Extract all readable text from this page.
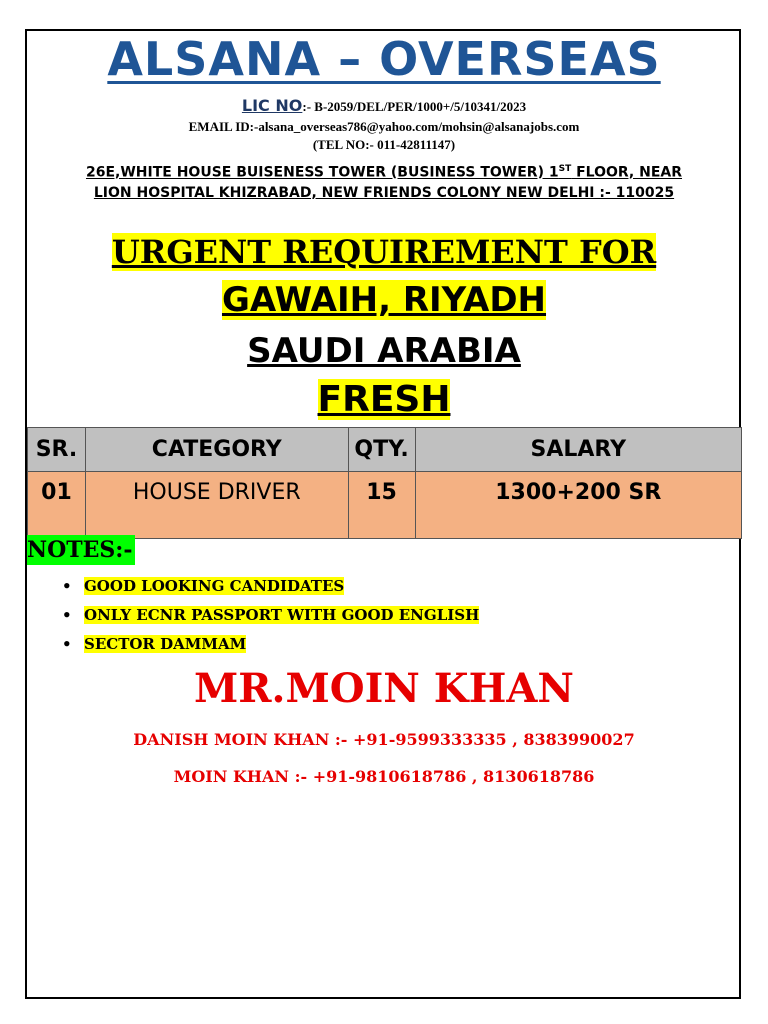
ALSANA – OVERSEAS
LIC NO:- B-2059/DEL/PER/1000+/5/10341/2023
EMAIL ID:-alsana_overseas786@yahoo.com/mohsin@alsanajobs.com
(TEL NO:- 011-42811147)
26E,WHITE HOUSE BUISENESS TOWER (BUSINESS TOWER) 1ST FLOOR, NEAR
LION HOSPITAL KHIZRABAD, NEW FRIENDS COLONY NEW DELHI :- 110025
URGENT REQUIREMENT FOR
GAWAIH, RIYADH
SAUDI ARABIA
FRESH
SR.	CATEGORY	QTY.	SALARY
01	HOUSE DRIVER	15	1300+200 SR
NOTES:-
• GOOD LOOKING CANDIDATES
• ONLY ECNR PASSPORT WITH GOOD ENGLISH
• SECTOR DAMMAM
MR.MOIN KHAN
DANISH MOIN KHAN :- +91-9599333335 , 8383990027
MOIN KHAN :- +91-9810618786 , 8130618786
